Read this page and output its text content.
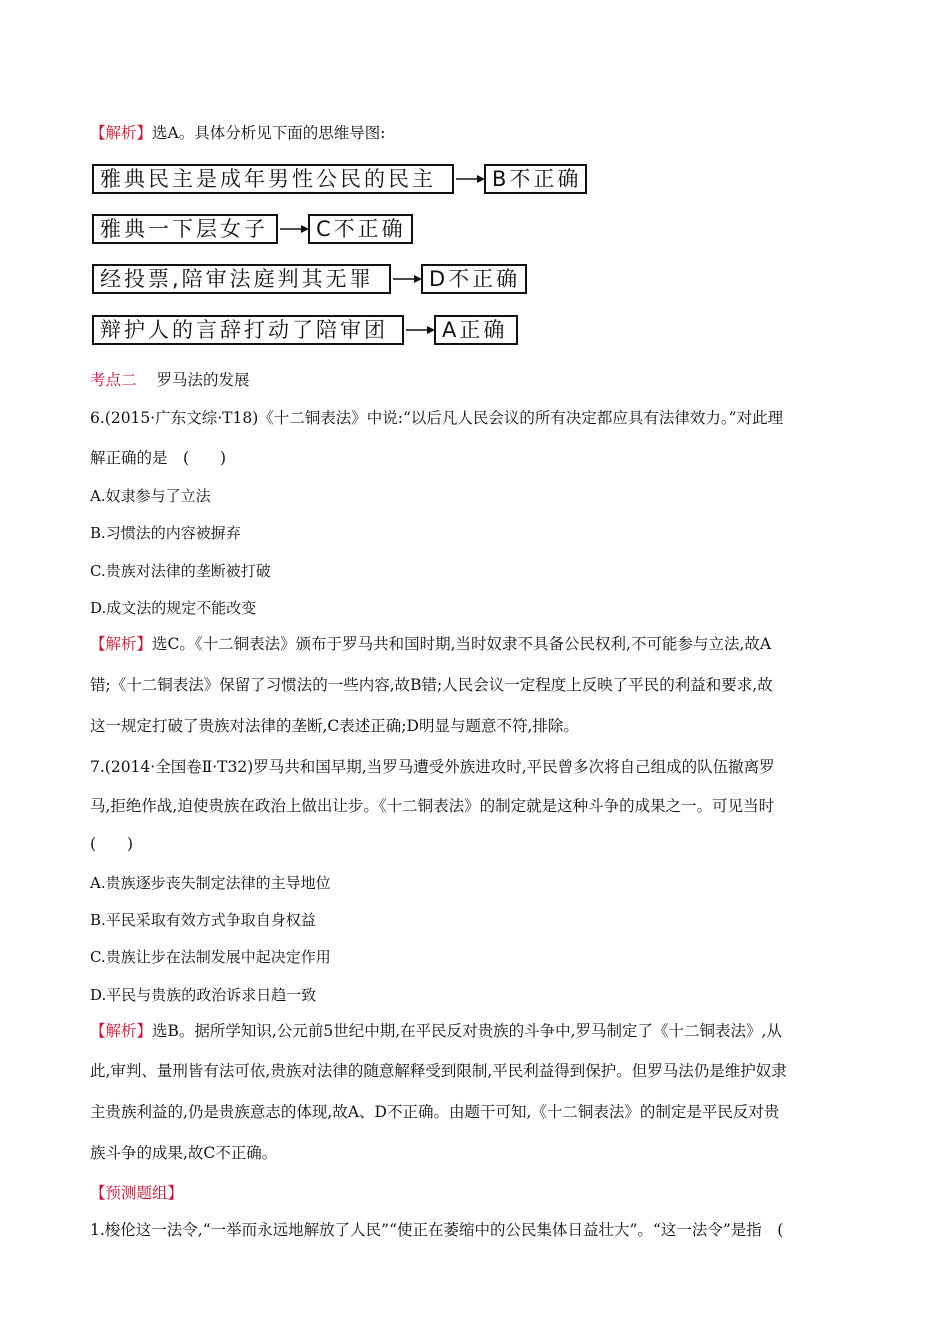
【解析】选A。具体分析见下面的思维导图:
雅典民主是成年男性公民的民主	B不正确
雅典一下层女子	C不正确
经投票,陪审法庭判其无罪	D不正确
辩护人的言辞打动了陪审团	A正确
考点二 罗马法的发展
6.(2015·广东文综·T18)《十二铜表法》中说:“以后凡人民会议的所有决定都应具有法律效力。”对此理
解正确的是　(　　)
A.奴隶参与了立法
B.习惯法的内容被摒弃
C.贵族对法律的垄断被打破
D.成文法的规定不能改变
【解析】选C。《十二铜表法》颁布于罗马共和国时期,当时奴隶不具备公民权利,不可能参与立法,故A
错;《十二铜表法》保留了习惯法的一些内容,故B错;人民会议一定程度上反映了平民的利益和要求,故
这一规定打破了贵族对法律的垄断,C表述正确;D明显与题意不符,排除。
7.(2014·全国卷Ⅱ·T32)罗马共和国早期,当罗马遭受外族进攻时,平民曾多次将自己组成的队伍撤离罗
马,拒绝作战,迫使贵族在政治上做出让步。《十二铜表法》的制定就是这种斗争的成果之一。可见当时
(　　)
A.贵族逐步丧失制定法律的主导地位
B.平民采取有效方式争取自身权益
C.贵族让步在法制发展中起决定作用
D.平民与贵族的政治诉求日趋一致
【解析】选B。据所学知识,公元前5世纪中期,在平民反对贵族的斗争中,罗马制定了《十二铜表法》,从
此,审判、量刑皆有法可依,贵族对法律的随意解释受到限制,平民利益得到保护。但罗马法仍是维护奴隶
主贵族利益的,仍是贵族意志的体现,故A、D不正确。由题干可知,《十二铜表法》的制定是平民反对贵
族斗争的成果,故C不正确。
【预测题组】
1.梭伦这一法令,“一举而永远地解放了人民”“使正在萎缩中的公民集体日益壮大”。“这一法令”是指　(
